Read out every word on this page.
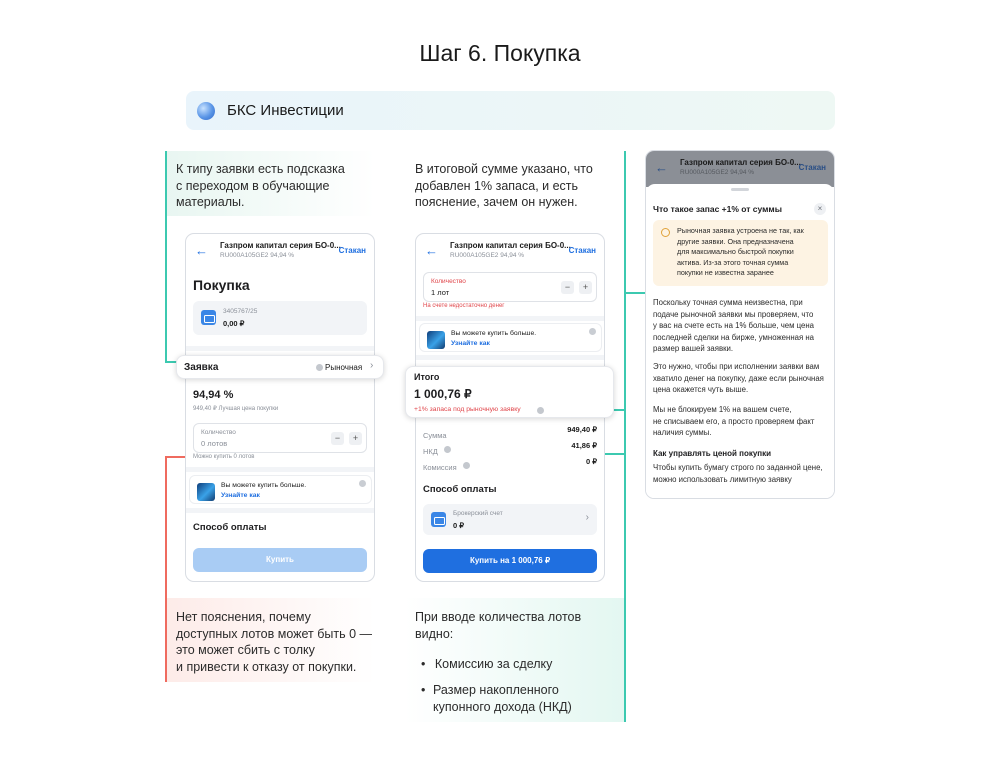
Шаг 6. Покупка
БКС Инвестиции
К типу заявки есть подсказка
с переходом в обучающие
материалы.
В итоговой сумме указано, что
добавлен 1% запаса, и есть
пояснение, зачем он нужен.
Нет пояснения, почему
доступных лотов может быть 0 —
это может сбить с толку
и привести к отказу от покупки.
При вводе количества лотов
видно:
• Комиссию за сделку
• Размер накопленного купонного дохода (НКД)
← Газпром капитал серия БО-0...
RU000A105GE2 94,94 %
Стакан
Покупка
3405767/25
0,00 ₽
94,94 %
949,40 ₽ Лучшая цена покупки
Количество
0 лотов
−	+
Можно купить 0 лотов
Вы можете купить больше.
Узнайте как
Способ оплаты
Купить
Заявка	Рыночная ›
← Газпром капитал серия БО-0...
RU000A105GE2 94,94 %
Стакан
Количество
1 лот
−	+
На счете недостаточно денег
Вы можете купить больше.
Узнайте как
Сумма
949,40 ₽
НКД
41,86 ₽
Комиссия
0 ₽
Способ оплаты
Брокерский счет
0 ₽
›
Купить на 1 000,76 ₽
Итого
1 000,76 ₽
+1% запаса под рыночную заявку
← Газпром капитал серия БО-0...
RU000A105GE2 94,94 %
Стакан
Что такое запас +1% от суммы	×
Рыночная заявка устроена не так, как
другие заявки. Она предназначена
для максимально быстрой покупки
актива. Из-за этого точная сумма
покупки не известна заранее
Поскольку точная сумма неизвестна, при
подаче рыночной заявки мы проверяем, что
у вас на счете есть на 1% больше, чем цена
последней сделки на бирже, умноженная на
размер вашей заявки.
Это нужно, чтобы при исполнении заявки вам
хватило денег на покупку, даже если рыночная
цена окажется чуть выше.
Мы не блокируем 1% на вашем счете,
не списываем его, а просто проверяем факт
наличия суммы.
Как управлять ценой покупки
Чтобы купить бумагу строго по заданной цене,
можно использовать лимитную заявку
